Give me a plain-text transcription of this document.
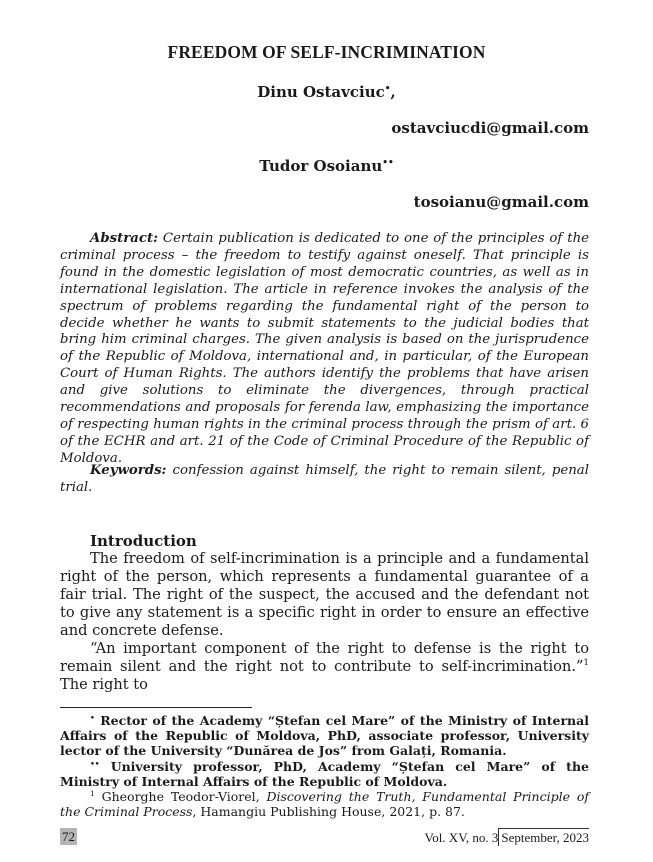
FREEDOM OF SELF-INCRIMINATION
Dinu Ostavciuc•,
ostavciucdi@gmail.com
Tudor Osoianu••
tosoianu@gmail.com
Abstract: Certain publication is dedicated to one of the principles of the criminal process – the freedom to testify against oneself. That principle is found in the domestic legislation of most democratic countries, as well as in international legislation. The article in reference invokes the analysis of the spectrum of problems regarding the fundamental right of the person to decide whether he wants to submit statements to the judicial bodies that bring him criminal charges. The given analysis is based on the jurisprudence of the Republic of Moldova, international and, in particular, of the European Court of Human Rights. The authors identify the problems that have arisen and give solutions to eliminate the divergences, through practical recommendations and proposals for ferenda law, emphasizing the importance of respecting human rights in the criminal process through the prism of art. 6 of the ECHR and art. 21 of the Code of Criminal Procedure of the Republic of Moldova.
Keywords: confession against himself, the right to remain silent, penal trial.
Introduction

The freedom of self-incrimination is a principle and a fundamental right of the person, which represents a fundamental guarantee of a fair trial. The right of the suspect, the accused and the defendant not to give any statement is a specific right in order to ensure an effective and concrete defense.

“An important component of the right to defense is the right to remain silent and the right not to contribute to self-incrimination.”$^1$ The right to

• Rector of the Academy “Ștefan cel Mare” of the Ministry of Internal Affairs of the Republic of Moldova, PhD, associate professor, University lector of the University “Dunărea de Jos” from Galați, Romania.

•• University professor, PhD, Academy “Ștefan cel Mare” of the Ministry of Internal Affairs of the Republic of Moldova.

$^1$ Gheorghe Teodor-Viorel, Discovering the Truth, Fundamental Principle of the Criminal Process, Hamangiu Publishing House, 2021, p. 87.

72	Vol. XV, no. 3 September, 2023
